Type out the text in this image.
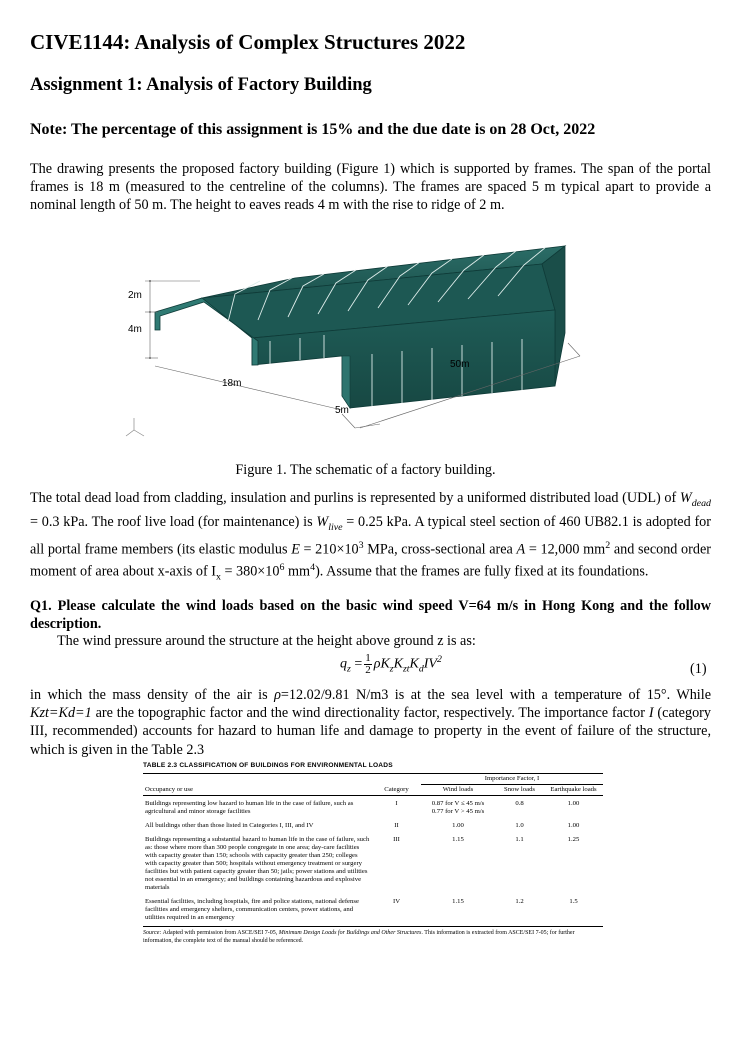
CIVE1144: Analysis of Complex Structures 2022
Assignment 1: Analysis of Factory Building

Note: The percentage of this assignment is 15% and the due date is on 28 Oct, 2022

The drawing presents the proposed factory building (Figure 1) which is supported by frames. The span of the portal frames is 18 m (measured to the centreline of the columns). The frames are spaced 5 m typical apart to provide a nominal length of 50 m. The height to eaves reads 4 m with the rise to ridge of 2 m.

2m
4m
18m
5m
50m
Figure 1. The schematic of a factory building.

The total dead load from cladding, insulation and purlins is represented by a uniformed distributed load (UDL) of $W_{dead} = 0.3$ kPa. The roof live load (for maintenance) is $W_{live} = 0.25$ kPa. A typical steel section of 460 UB82.1 is adopted for all portal frame members (its elastic modulus $E = 210\times 10^3$ MPa, cross-sectional area A = 12,000 $mm^2$ and second order moment of area about x-axis of $I_x = 380\times 10^6$ $mm^4$). Assume that the frames are fully fixed at its foundations.

Q1. Please calculate the wind loads based on the basic wind speed V=64 m/s in Hong Kong and the follow description.

The wind pressure around the structure at the height above ground z is as:

$q_z = \frac{1}{2} \rho K_zK_{zt}K_dIV^2$
(1)

in which the mass density of the air is ρ=12.02/9.81 N/m3 is at the sea level with a temperature of 15°. While Kzt=Kd=1 are the topographic factor and the wind directionality factor, respectively. The importance factor I (category III, recommended) accounts for hazard to human life and damage to property in the event of failure of the structure, which is given in the Table 2.3

TABLE 2.3 CLASSIFICATION OF BUILDINGS FOR ENVIRONMENTAL LOADS
		Importance Factor, I		
Occupancy or use	Category	Wind loads	Snow loads	Earthquake loads
Buildings representing low hazard to human life in the case of failure, such as agricultural and minor storage facilities	I	0.87 for V ≤ 45 m/s
0.77 for V > 45 m/s	0.8	1.00
All buildings other than those listed in Categories I, III, and IV	II	1.00	1.0	1.00
Buildings representing a substantial hazard to human life in the case of failure, such as: those where more than 300 people congregate in one area; day-care facilities with capacity greater than 150; schools with capacity greater than 250; colleges with capacity greater than 500; hospitals without emergency treatment or surgery facilities but with patient capacity greater than 50; jails; power stations and utilities not essential in an emergency; and buildings containing hazardous and explosive materials	III	1.15	1.1	1.25
Essential facilities, including hospitals, fire and police stations, national defense facilities and emergency shelters, communication centers, power stations, and utilities required in an emergency	IV	1.15	1.2	1.5
Source: Adapted with permission from ASCE/SEI 7-05, Minimum Design Loads for Buildings and Other Structures. This information is extracted from ASCE/SEI 7-05; for further information, the complete text of the manual should be referenced.
